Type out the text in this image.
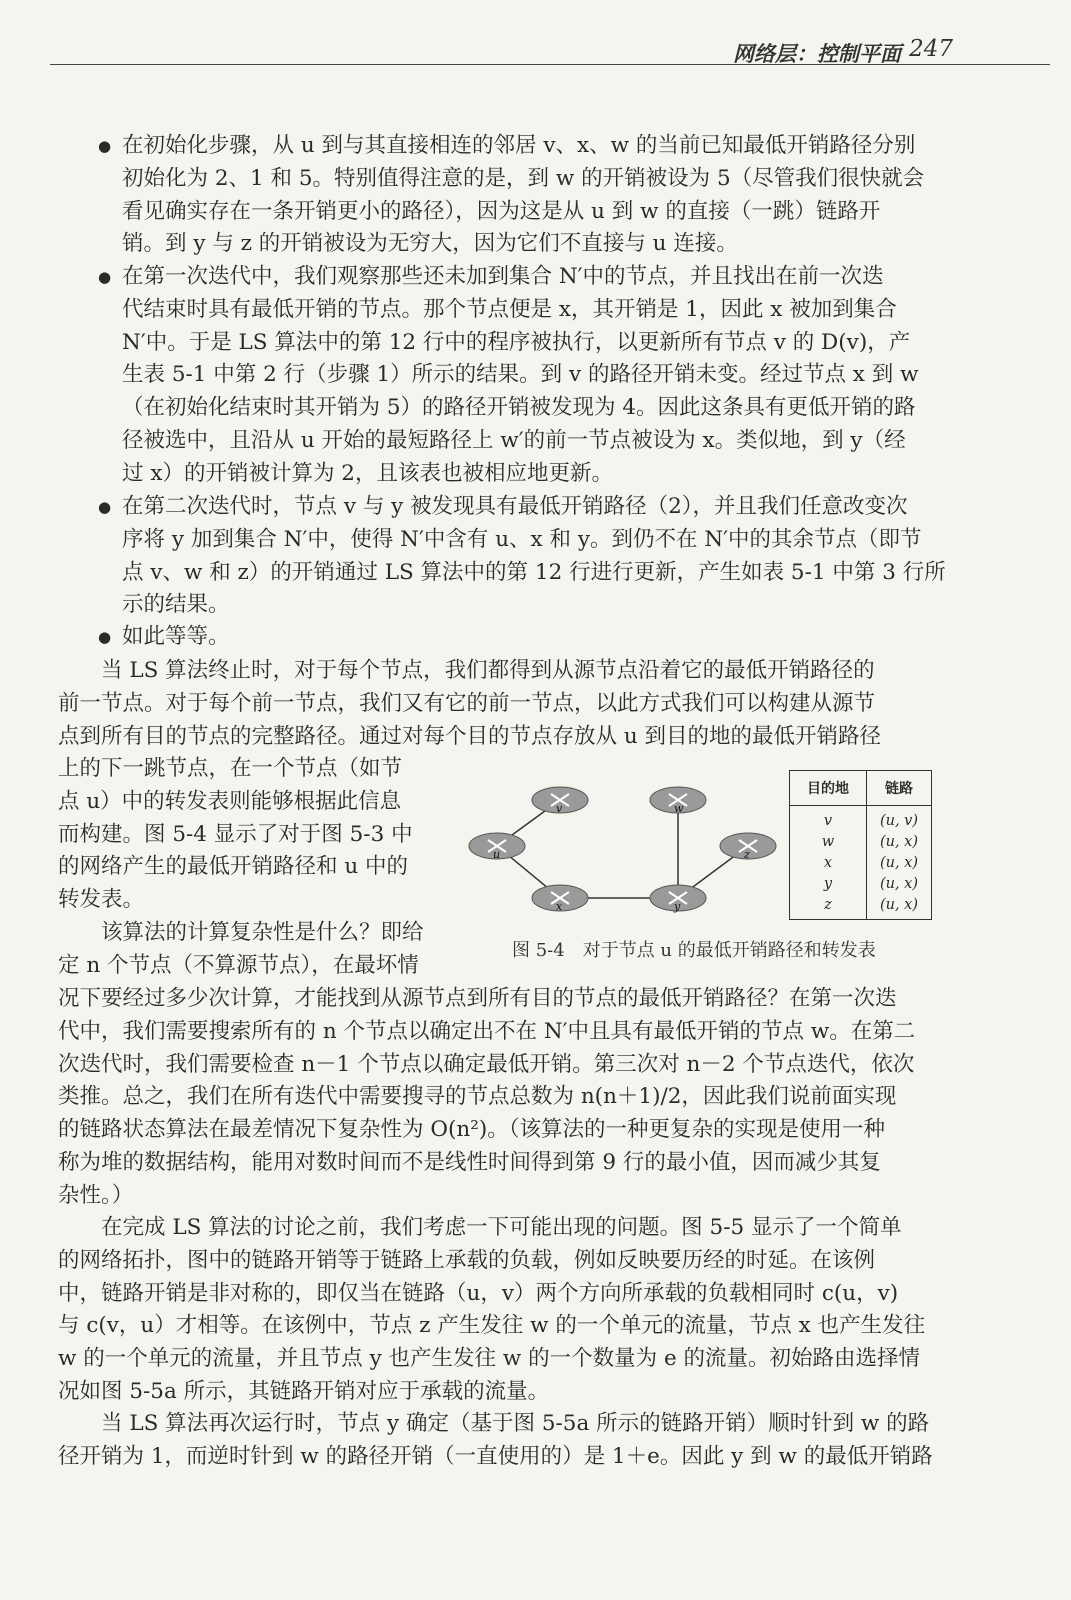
网络层：控制平面 247
● 在初始化步骤，从 u 到与其直接相连的邻居 v、x、w 的当前已知最低开销路径分别
初始化为 2、1 和 5。特别值得注意的是，到 w 的开销被设为 5（尽管我们很快就会
看见确实存在一条开销更小的路径），因为这是从 u 到 w 的直接（一跳）链路开
销。到 y 与 z 的开销被设为无穷大，因为它们不直接与 u 连接。
● 在第一次迭代中，我们观察那些还未加到集合 N′中的节点，并且找出在前一次迭
代结束时具有最低开销的节点。那个节点便是 x，其开销是 1，因此 x 被加到集合
N′中。于是 LS 算法中的第 12 行中的程序被执行，以更新所有节点 v 的 D(v)，产
生表 5-1 中第 2 行（步骤 1）所示的结果。到 v 的路径开销未变。经过节点 x 到 w
（在初始化结束时其开销为 5）的路径开销被发现为 4。因此这条具有更低开销的路
径被选中，且沿从 u 开始的最短路径上 w′的前一节点被设为 x。类似地，到 y（经
过 x）的开销被计算为 2，且该表也被相应地更新。
● 在第二次迭代时，节点 v 与 y 被发现具有最低开销路径（2），并且我们任意改变次
序将 y 加到集合 N′中，使得 N′中含有 u、x 和 y。到仍不在 N′中的其余节点（即节
点 v、w 和 z）的开销通过 LS 算法中的第 12 行进行更新，产生如表 5-1 中第 3 行所
示的结果。
● 如此等等。
当 LS 算法终止时，对于每个节点，我们都得到从源节点沿着它的最低开销路径的
前一节点。对于每个前一节点，我们又有它的前一节点，以此方式我们可以构建从源节
点到所有目的节点的完整路径。通过对每个目的节点存放从 u 到目的地的最低开销路径
上的下一跳节点，在一个节点（如节
点 u）中的转发表则能够根据此信息
而构建。图 5-4 显示了对于图 5-3 中
的网络产生的最低开销路径和 u 中的
转发表。
该算法的计算复杂性是什么？即给
定 n 个节点（不算源节点），在最坏情
况下要经过多少次计算，才能找到从源节点到所有目的节点的最低开销路径？在第一次迭
代中，我们需要搜索所有的 n 个节点以确定出不在 N′中且具有最低开销的节点 w。在第二
次迭代时，我们需要检查 n－1 个节点以确定最低开销。第三次对 n－2 个节点迭代，依次
类推。总之，我们在所有迭代中需要搜寻的节点总数为 n(n＋1)/2，因此我们说前面实现
的链路状态算法在最差情况下复杂性为 O(n²)。（该算法的一种更复杂的实现是使用一种
称为堆的数据结构，能用对数时间而不是线性时间得到第 9 行的最小值，因而减少其复
杂性。）
在完成 LS 算法的讨论之前，我们考虑一下可能出现的问题。图 5-5 显示了一个简单
的网络拓扑，图中的链路开销等于链路上承载的负载，例如反映要历经的时延。在该例
中，链路开销是非对称的，即仅当在链路（u，v）两个方向所承载的负载相同时 c(u，v)
与 c(v，u）才相等。在该例中，节点 z 产生发往 w 的一个单元的流量，节点 x 也产生发往
w 的一个单元的流量，并且节点 y 也产生发往 w 的一个数量为 e 的流量。初始路由选择情
况如图 5-5a 所示，其链路开销对应于承载的流量。
当 LS 算法再次运行时，节点 y 确定（基于图 5-5a 所示的链路开销）顺时针到 w 的路
径开销为 1，而逆时针到 w 的路径开销（一直使用的）是 1＋e。因此 y 到 w 的最低开销路
u
v	w
x	y
z
目的地	链路
v	(u, v)
w	(u, x)
x	(u, x)
y	(u, x)
z	(u, x)
图 5-4　对于节点 u 的最低开销路径和转发表
